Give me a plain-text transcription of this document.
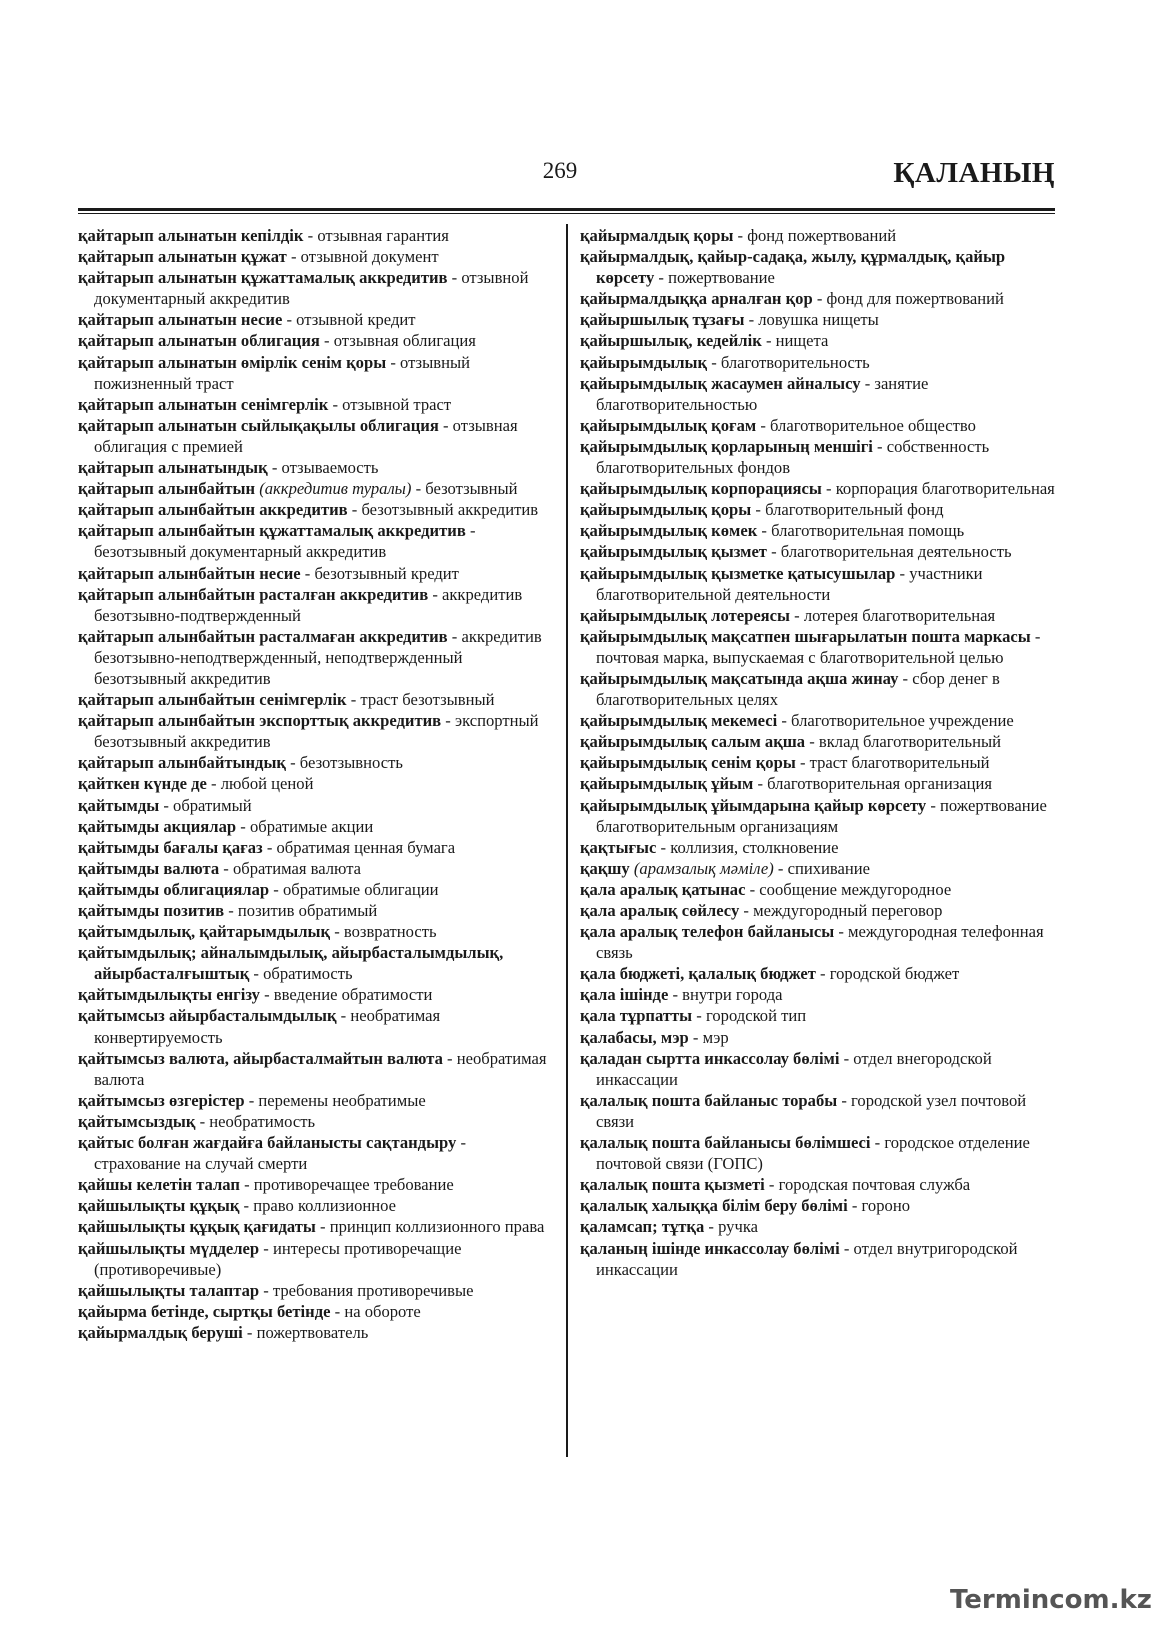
269	ҚАЛАНЫҢ

қайтарып алынатын кепілдік - отзывная гарантия

қайтарып алынатын құжат - отзывной документ

қайтарып алынатын құжаттамалық аккредитив - отзывной документарный аккредитив

қайтарып алынатын несие - отзывной кредит

қайтарып алынатын облигация - отзывная облигация

қайтарып алынатын өмірлік сенім қоры - отзывный пожизненный траст

қайтарып алынатын сенімгерлік - отзывной траст

қайтарып алынатын сыйлықақылы облигация - отзывная облигация с премией

қайтарып алынатындық - отзываемость

қайтарып алынбайтын (аккредитив туралы) - безотзывный

қайтарып алынбайтын аккредитив - безотзывный аккредитив

қайтарып алынбайтын құжаттамалық аккредитив - безотзывный документарный аккредитив

қайтарып алынбайтын несие - безотзывный кредит

қайтарып алынбайтын расталған аккредитив - аккредитив безотзывно-подтвержденный

қайтарып алынбайтын расталмаған аккредитив - аккредитив безотзывно-неподтвержденный, неподтвержденный безотзывный аккредитив

қайтарып алынбайтын сенімгерлік - траст безотзывный

қайтарып алынбайтын экспорттық аккредитив - экспортный безотзывный аккредитив

қайтарып алынбайтындық - безотзывность

қайткен күнде де - любой ценой

қайтымды - обратимый

қайтымды акциялар - обратимые акции

қайтымды бағалы қағаз - обратимая ценная бумага

қайтымды валюта - обратимая валюта

қайтымды облигациялар - обратимые облигации

қайтымды позитив - позитив обратимый

қайтымдылық, қайтарымдылық - возвратность

қайтымдылық; айналымдылық, айырбасталымдылық, айырбасталғыштық - обратимость

қайтымдылықты енгізу - введение обратимости

қайтымсыз айырбасталымдылық - необратимая конвертируемость

қайтымсыз валюта, айырбасталмайтын валюта - необратимая валюта

қайтымсыз өзгерістер - перемены необратимые

қайтымсыздық - необратимость

қайтыс болған жағдайға байланысты сақтандыру - страхование на случай смерти

қайшы келетін талап - противоречащее требование

қайшылықты құқық - право коллизионное

қайшылықты құқық қағидаты - принцип коллизионного права

қайшылықты мүдделер - интересы противоречащие (противоречивые)

қайшылықты талаптар - требования противоречивые

қайырма бетінде, сыртқы бетінде - на обороте

қайырмалдық беруші - пожертвователь

қайырмалдық қоры - фонд пожертвований

қайырмалдық, қайыр-садақа, жылу, құрмалдық, қайыр көрсету - пожертвование

қайырмалдыққа арналған қор - фонд для пожертвований

қайыршылық тұзағы - ловушка нищеты

қайыршылық, кедейлік - нищета

қайырымдылық - благотворительность

қайырымдылық жасаумен айналысу - занятие благотворительностью

қайырымдылық қоғам - благотворительное общество

қайырымдылық қорларының меншігі - собственность благотворительных фондов

қайырымдылық корпорациясы - корпорация благотворительная

қайырымдылық қоры - благотворительный фонд

қайырымдылық көмек - благотворительная помощь

қайырымдылық қызмет - благотворительная деятельность

қайырымдылық қызметке қатысушылар - участники благотворительной деятельности

қайырымдылық лотереясы - лотерея благотворительная

қайырымдылық мақсатпен шығарылатын пошта маркасы - почтовая марка, выпускаемая с благотворительной целью

қайырымдылық мақсатында ақша жинау - сбор денег в благотворительных целях

қайырымдылық мекемесі - благотворительное учреждение

қайырымдылық салым ақша - вклад благотворительный

қайырымдылық сенім қоры - траст благотворительный

қайырымдылық ұйым - благотворительная организация

қайырымдылық ұйымдарына қайыр көрсету - пожертвование благотворительным организациям

қақтығыс - коллизия, столкновение

қақшу (арамзалық мәміле) - спихивание

қала аралық қатынас - сообщение междугородное

қала аралық сөйлесу - междугородный переговор

қала аралық телефон байланысы - междугородная телефонная связь

қала бюджеті, қалалық бюджет - городской бюджет

қала ішінде - внутри города

қала тұрпатты - городской тип

қалабасы, мэр - мэр

қаладан сыртта инкассолау бөлімі - отдел внегородской инкассации

қалалық пошта байланыс торабы - городской узел почтовой связи

қалалық пошта байланысы бөлімшесі - городское отделение почтовой связи (ГОПС)

қалалық пошта қызметі - городская почтовая служба

қалалық халыққа білім беру бөлімі - гороно

қаламсап; тұтқа - ручка

қаланың ішінде инкассолау бөлімі - отдел внутригородской инкассации

Termincom.kz
